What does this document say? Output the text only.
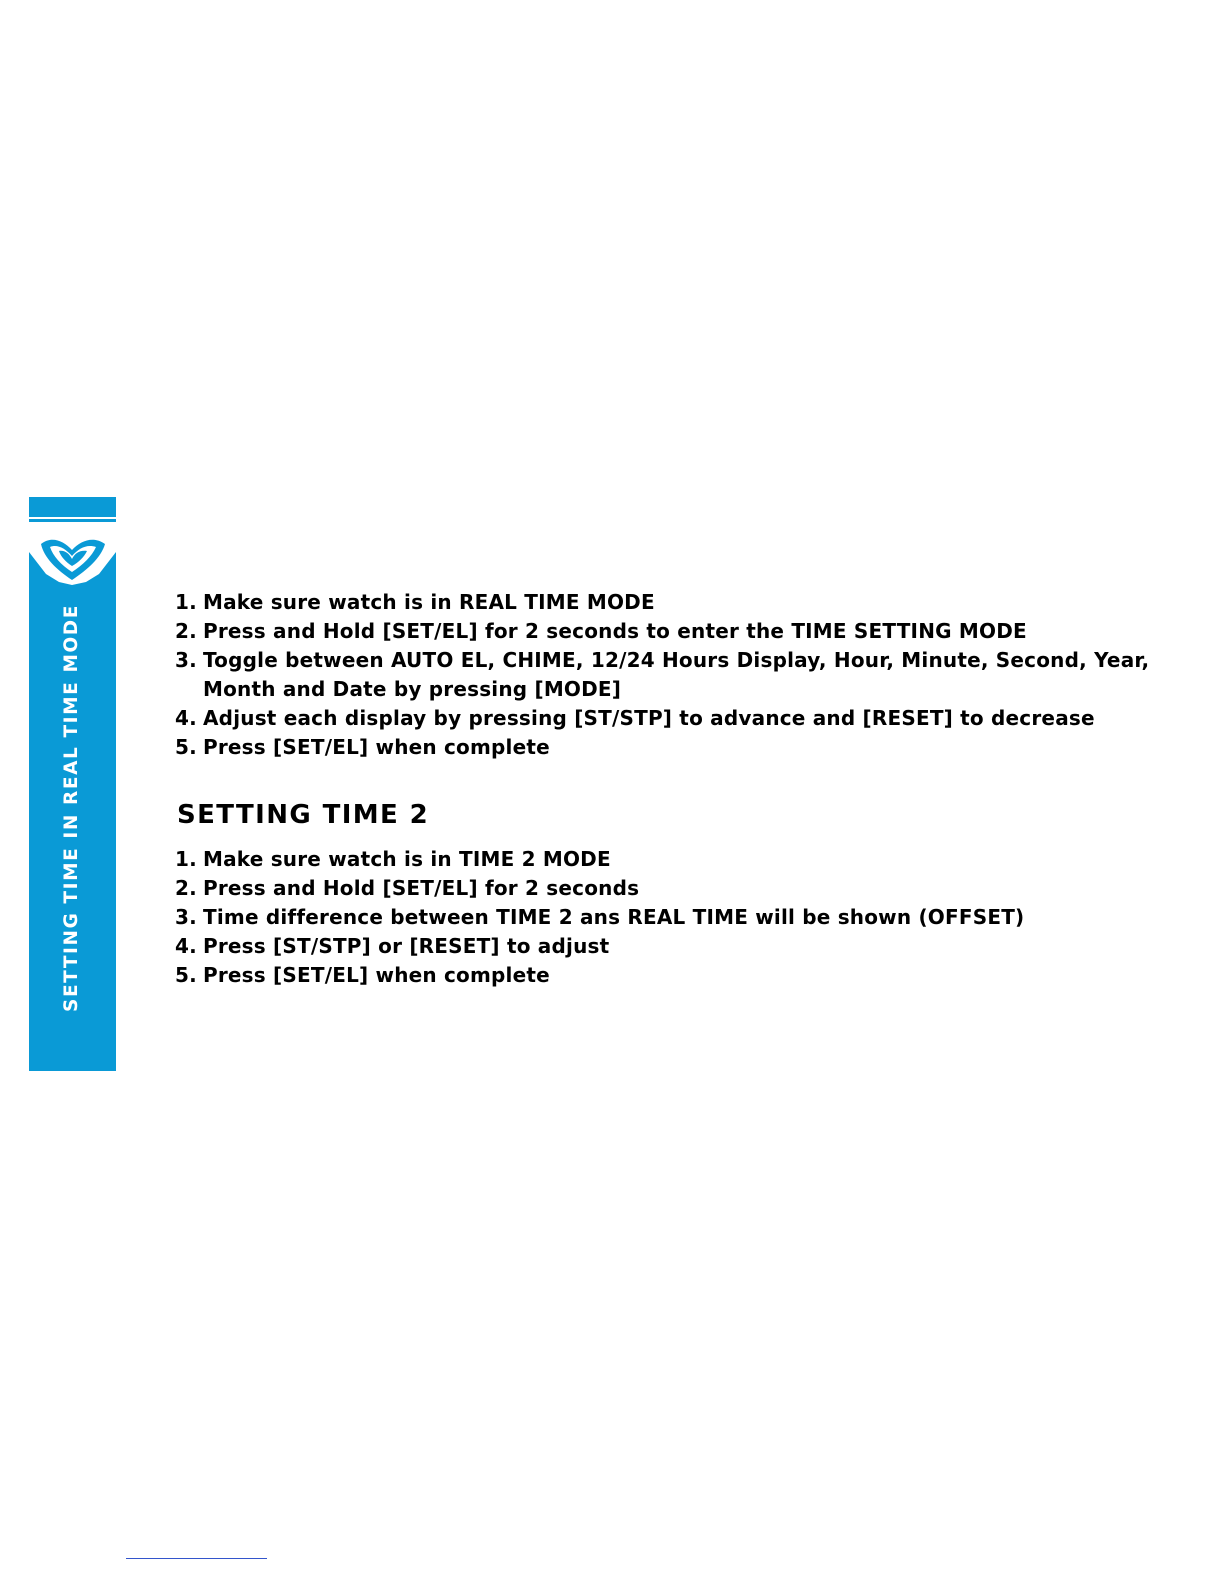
SETTING TIME IN REAL TIME MODE
1. Make sure watch is in REAL TIME MODE
2. Press and Hold [SET/EL] for 2 seconds to enter the TIME SETTING MODE
3. Toggle between AUTO EL, CHIME, 12/24 Hours Display, Hour, Minute, Second, Year, Month and Date by pressing [MODE]
4. Adjust each display by pressing [ST/STP] to advance and [RESET] to decrease
5. Press [SET/EL] when complete
SETTING TIME 2
1. Make sure watch is in TIME 2 MODE
2. Press and Hold [SET/EL] for 2 seconds
3. Time difference between TIME 2 ans REAL TIME will be shown (OFFSET)
4. Press [ST/STP] or [RESET] to adjust
5. Press [SET/EL] when complete
